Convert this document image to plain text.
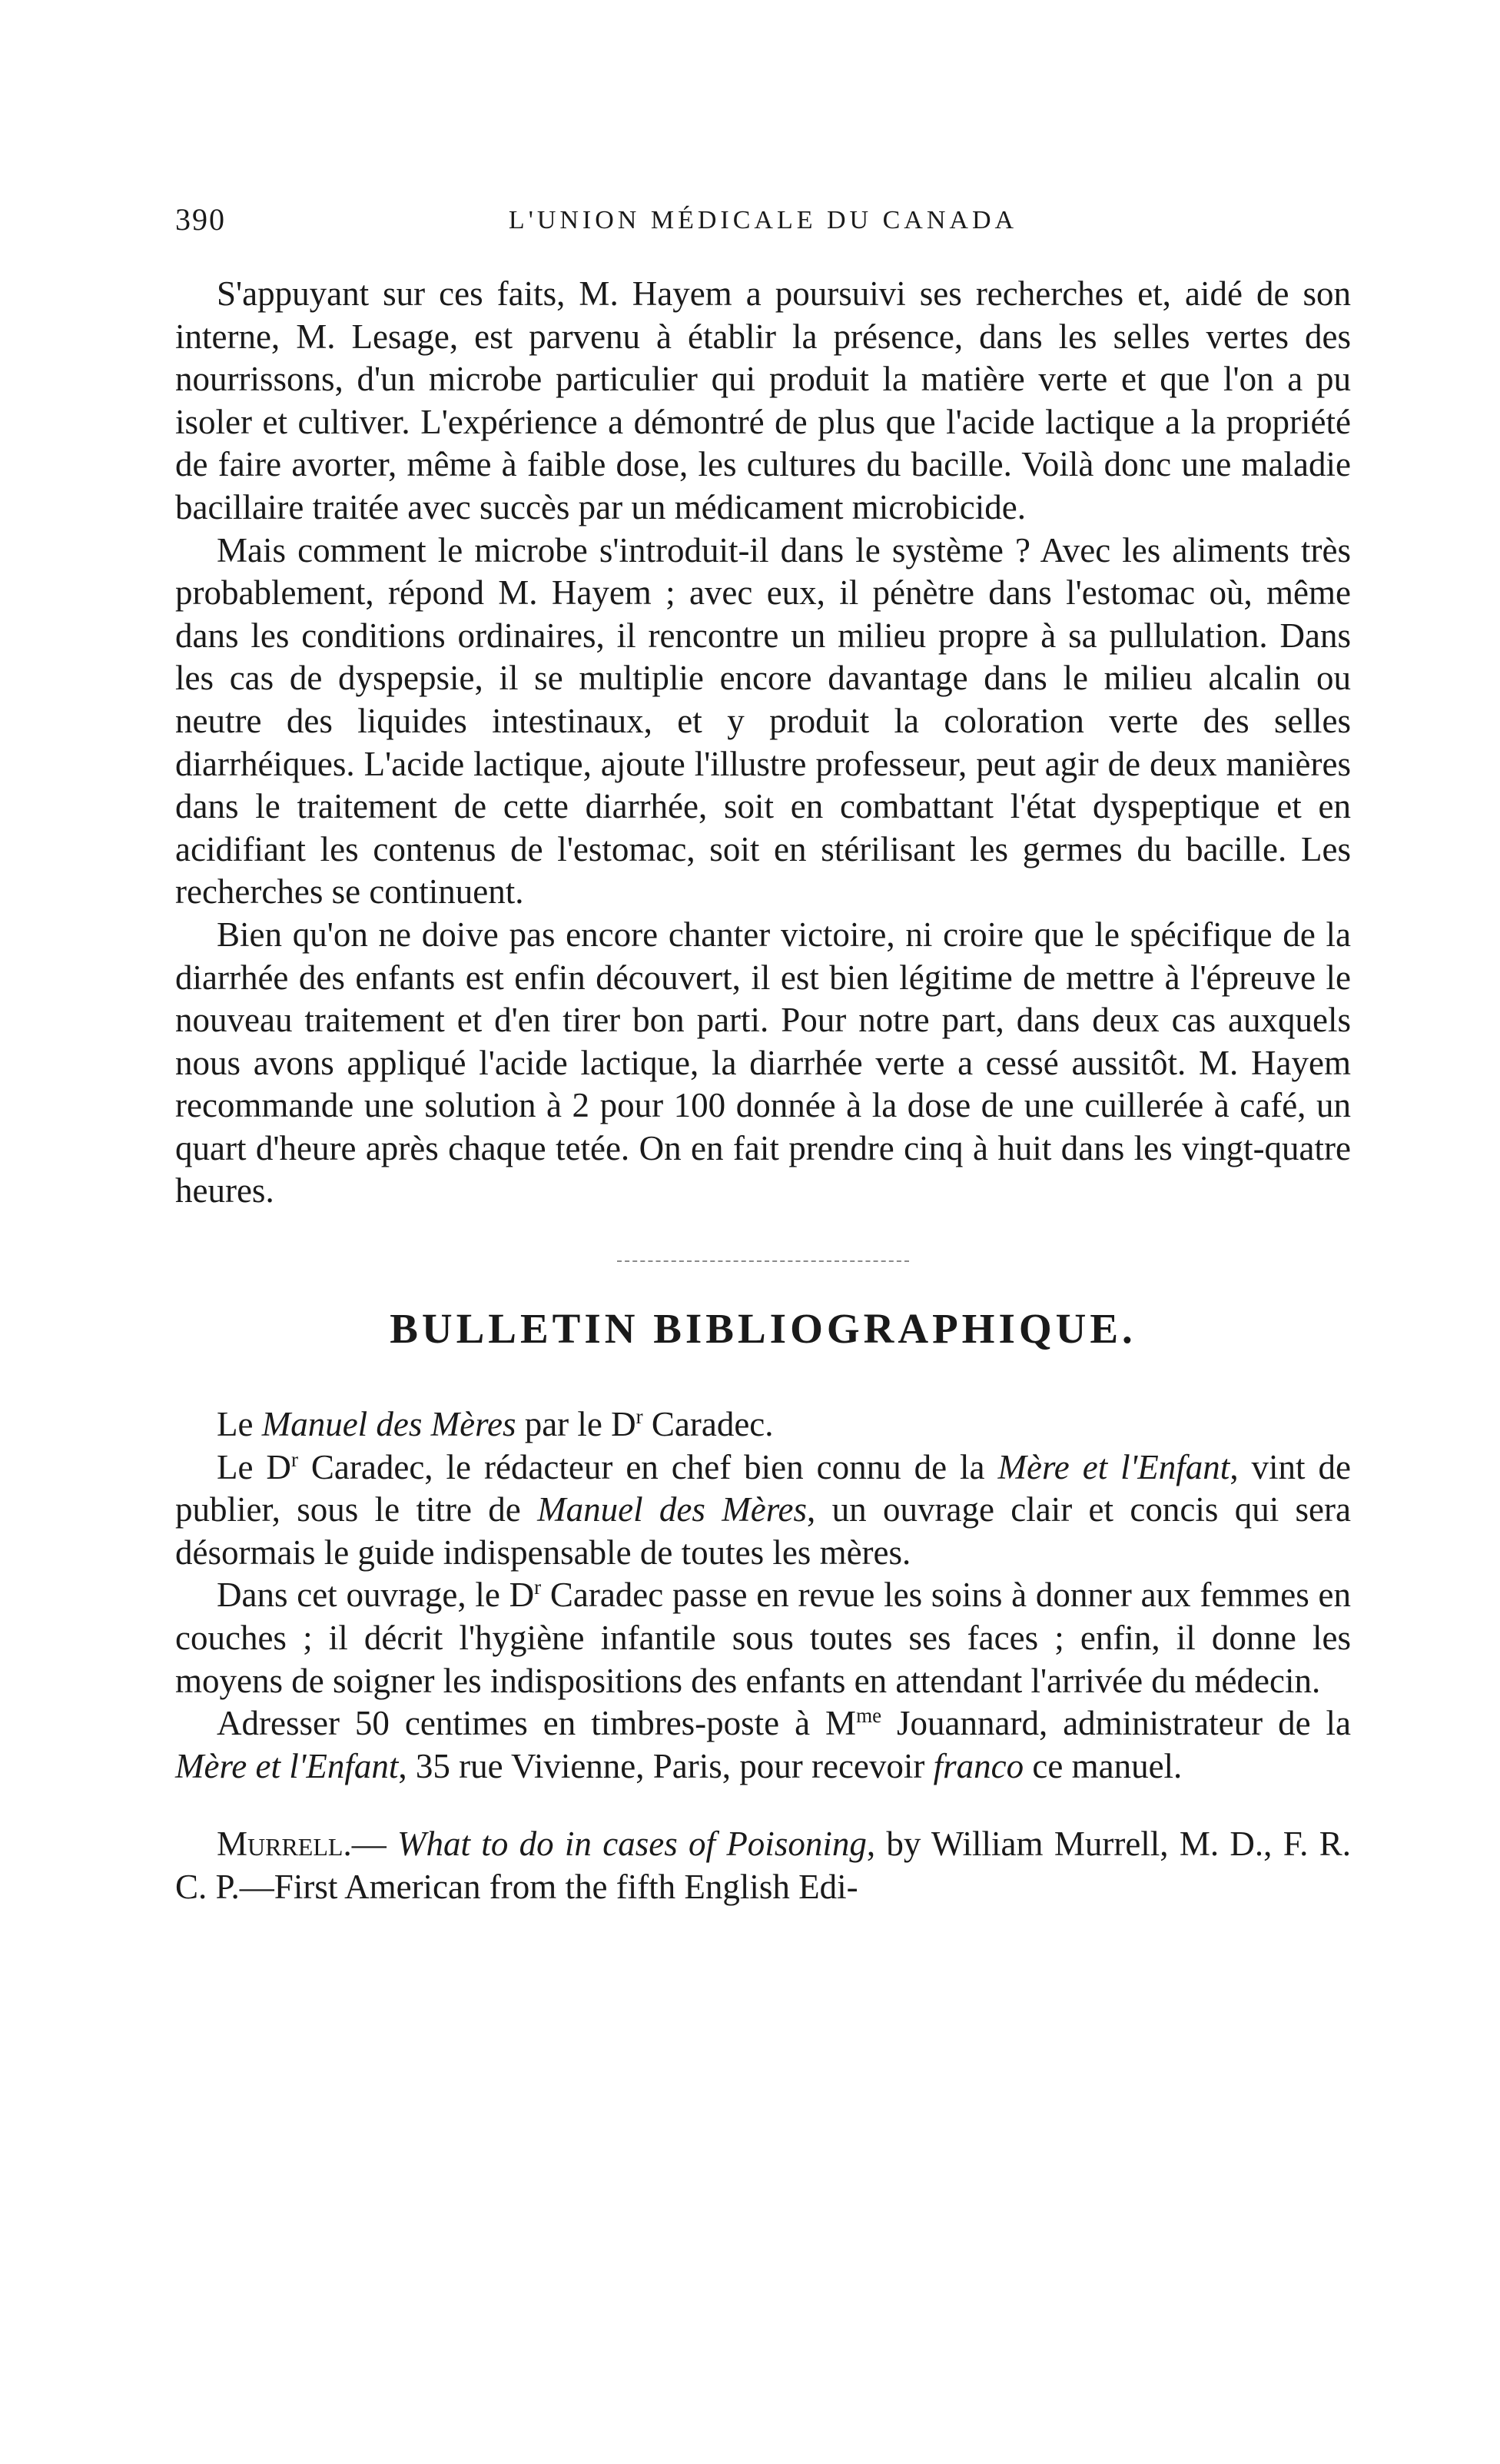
390	L'UNION MÉDICALE DU CANADA

S'appuyant sur ces faits, M. Hayem a poursuivi ses recherches et, aidé de son interne, M. Lesage, est parvenu à établir la présence, dans les selles vertes des nourrissons, d'un microbe particulier qui produit la matière verte et que l'on a pu isoler et cultiver. L'expérience a démontré de plus que l'acide lactique a la propriété de faire avorter, même à faible dose, les cultures du bacille. Voilà donc une maladie bacillaire traitée avec succès par un médicament microbicide.

Mais comment le microbe s'introduit-il dans le système ? Avec les aliments très probablement, répond M. Hayem ; avec eux, il pénètre dans l'estomac où, même dans les conditions ordinaires, il rencontre un milieu propre à sa pullulation. Dans les cas de dyspepsie, il se multiplie encore davantage dans le milieu alcalin ou neutre des liquides intestinaux, et y produit la coloration verte des selles diarrhéiques. L'acide lactique, ajoute l'illustre professeur, peut agir de deux manières dans le traitement de cette diarrhée, soit en combattant l'état dyspeptique et en acidifiant les contenus de l'estomac, soit en stérilisant les germes du bacille. Les recherches se continuent.

Bien qu'on ne doive pas encore chanter victoire, ni croire que le spécifique de la diarrhée des enfants est enfin découvert, il est bien légitime de mettre à l'épreuve le nouveau traitement et d'en tirer bon parti. Pour notre part, dans deux cas auxquels nous avons appliqué l'acide lactique, la diarrhée verte a cessé aussitôt. M. Hayem recommande une solution à 2 pour 100 donnée à la dose de une cuillerée à café, un quart d'heure après chaque tetée. On en fait prendre cinq à huit dans les vingt-quatre heures.

BULLETIN BIBLIOGRAPHIQUE.

Le Manuel des Mères par le $D^r$ Caradec.

Le $D^r$ Caradec, le rédacteur en chef bien connu de la Mère et l'Enfant, vint de publier, sous le titre de Manuel des Mères, un ouvrage clair et concis qui sera désormais le guide indispensable de toutes les mères.

Dans cet ouvrage, le $D^r$ Caradec passe en revue les soins à donner aux femmes en couches ; il décrit l'hygiène infantile sous toutes ses faces ; enfin, il donne les moyens de soigner les indispositions des enfants en attendant l'arrivée du médecin.

Adresser 50 centimes en timbres-poste à $M^{me}$ Jouannard, administrateur de la Mère et l'Enfant, 35 rue Vivienne, Paris, pour recevoir franco ce manuel.

Murrell.— What to do in cases of Poisoning, by William Murrell, M. D., F. R. C. P.—First American from the fifth English Edi-
